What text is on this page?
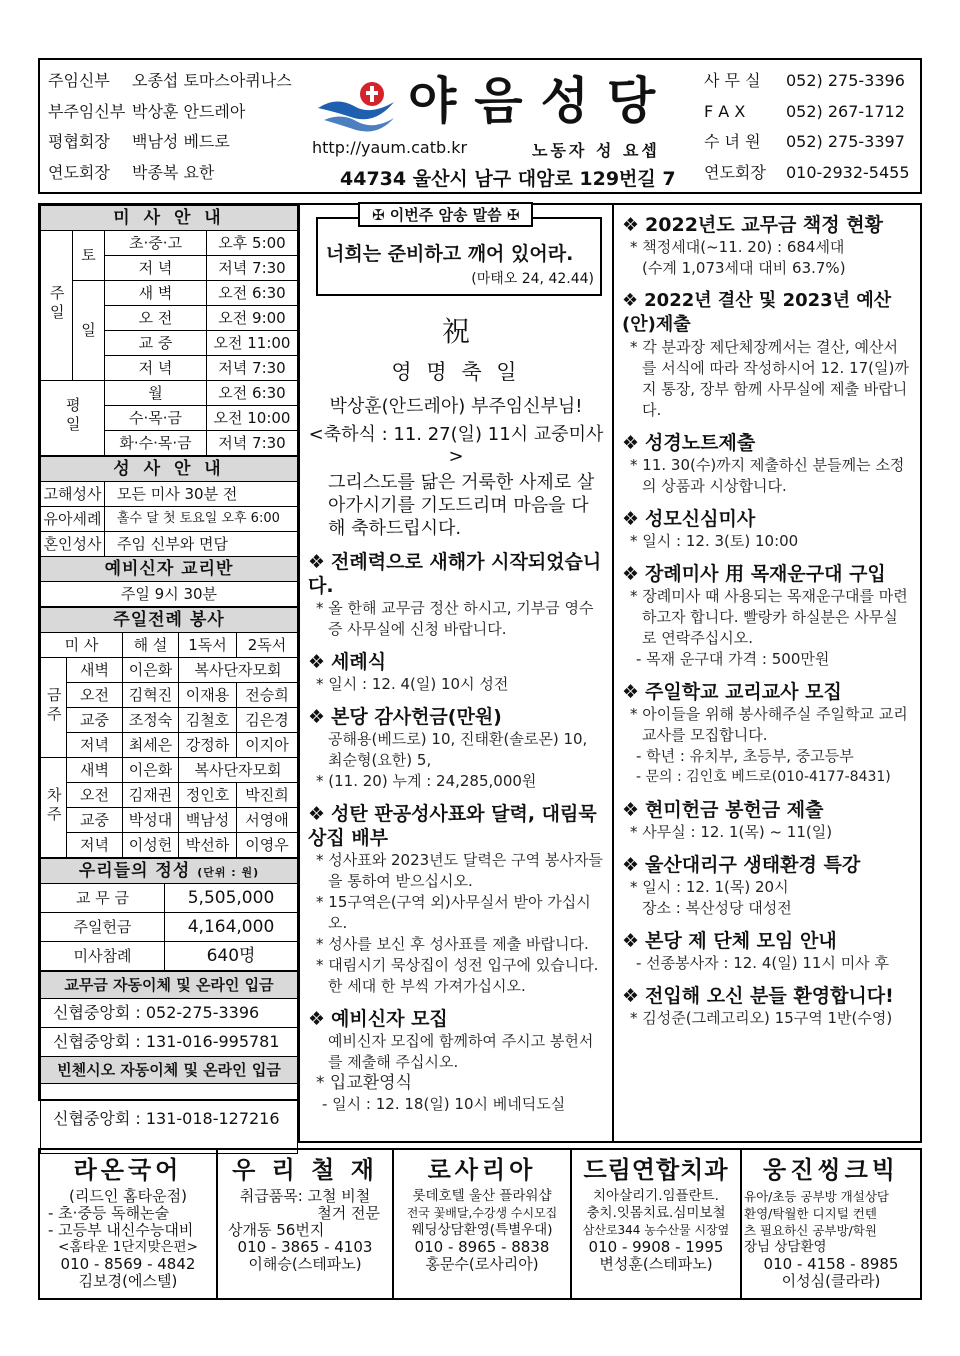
주임신부 오종섭 토마스아퀴나스
부주임신부 박상훈 안드레아
평협회장 백남성 베드로
연도회장 박종복 요한
야음성당
http://yaum.catb.kr	노동자 성 요셉
44734 울산시 남구 대암로 129번길 7
사 무 실 052) 275-3396
F A X	052) 267-1712
수 녀 원 052) 275-3397
연도회장 010-2932-5455
미 사 안 내			
주일	토	초·중·고	오후 5:00
		저 녁	저녁 7:30
	일	새 벽	오전 6:30
		오 전	오전 9:00
		교 중	오전 11:00
		저 녁	저녁 7:30
평일		월	오전 6:30
		수·목·금	오전 10:00
		화·수·목·금	저녁 7:30
성 사 안 내	
고해성사	모든 미사 30분 전
유아세례	홀수 달 첫 토요일 오후 6:00
혼인성사	주임 신부와 면담
예비신자 교리반	
주일 9시 30분	
주일전례 봉사				
미 사		해 설	1독서	2독서
금주	새벽	이은화	복사단자모회	
	오전	김혁진	이재용	전승희
	교중	조정숙	김철호	김은경
	저녁	최세은	강정하	이지아
차주	새벽	이은화	복사단자모회	
	오전	김재권	정인호	박진희
	교중	박성대	백남성	서영애
	저녁	이성헌	박선하	이영우
우리들의 정성 (단위 : 원)	
교 무 금	5,505,000
주일헌금	4,164,000
미사참례	640명
교무금 자동이체 및 온라인 입금
신협중앙회 : 052-275-3396
신협중앙회 : 131-016-995781
빈첸시오 자동이체 및 온라인 입금
신협중앙회 : 131-018-127216
✠ 이번주 암송 말씀 ✠
너희는 준비하고 깨어 있어라.
(마태오 24, 42.44)
祝
영 명 축 일
박상훈(안드레아) 부주임신부님!
<축하식 : 11. 27(일) 11시 교중미사>
그리스도를 닮은 거룩한 사제로 살아가시기를 기도드리며 마음을 다해 축하드립시다.
❖ 전례력으로 새해가 시작되었습니다.
* 올 한해 교무금 정산 하시고, 기부금 영수증 사무실에 신청 바랍니다.
❖ 세례식
* 일시 : 12. 4(일) 10시 성전
❖ 본당 감사헌금(만원)
공해용(베드로) 10, 진태환(솔로몬) 10, 최순형(요한) 5,
* (11. 20) 누계 : 24,285,000원
❖ 성탄 판공성사표와 달력, 대림묵상집 배부
* 성사표와 2023년도 달력은 구역 봉사자들을 통하여 받으십시오.
* 15구역은(구역 외)사무실서 받아 가십시오.
* 성사를 보신 후 성사표를 제출 바랍니다.
* 대림시기 묵상집이 성전 입구에 있습니다. 한 세대 한 부씩 가져가십시오.
❖ 예비신자 모집
예비신자 모집에 함께하여 주시고 봉헌서를 제출해 주십시오.
* 입교환영식
- 일시 : 12. 18(일) 10시 베네딕도실
❖ 2022년도 교무금 책정 현황
* 책정세대(~11. 20) : 684세대
(수계 1,073세대 대비 63.7%)
❖ 2022년 결산 및 2023년 예산(안)제출
* 각 분과장 제단체장께서는 결산, 예산서를 서식에 따라 작성하시어 12. 17(일)까지 통장, 장부 함께 사무실에 제출 바랍니다.
❖ 성경노트제출
* 11. 30(수)까지 제출하신 분들께는 소정의 상품과 시상합니다.
❖ 성모신심미사
* 일시 : 12. 3(토) 10:00
❖ 장례미사 用 목재운구대 구입
* 장례미사 때 사용되는 목재운구대를 마련하고자 합니다. 빨랑카 하실분은 사무실로 연락주십시오.
- 목재 운구대 가격 : 500만원
❖ 주일학교 교리교사 모집
* 아이들을 위해 봉사해주실 주일학교 교리교사를 모집합니다.
- 학년 : 유치부, 초등부, 중고등부
- 문의 : 김인호 베드로(010-4177-8431)
❖ 현미헌금 봉헌금 제출
* 사무실 : 12. 1(목) ~ 11(일)
❖ 울산대리구 생태환경 특강
* 일시 : 12. 1(목) 20시
장소 : 복산성당 대성전
❖ 본당 제 단체 모임 안내
- 선종봉사자 : 12. 4(일) 11시 미사 후
❖ 전입해 오신 분들 환영합니다!
* 김성준(그레고리오) 15구역 1반(수영)
라온국어
(리드인 홈타운점)
- 초·중등 독해논술
- 고등부 내신수능대비
<홈타운 1단지맞은편>
010 - 8569 - 4842
김보경(에스텔)
우 리 철 재
취급품목: 고철 비철
철거 전문
상개동 56번지
010 - 3865 - 4103
이해승(스테파노)
로사리아
롯데호텔 울산 플라워샵
전국 꽃배달,수강생 수시모집
웨딩상담환영(특별우대)
010 - 8965 - 8838
홍문수(로사리아)
드림연합치과
치아살리기.임플란트.
충치.잇몸치료.심미보철
삼산로344 농수산물 시장옆
010 - 9908 - 1995
변성훈(스테파노)
웅진씽크빅
유아/초등 공부방 개설상담
환영/탁월한 디지털 컨텐
츠 필요하신 공부방/학원
장님 상담환영
010 - 4158 - 8985
이성심(클라라)
